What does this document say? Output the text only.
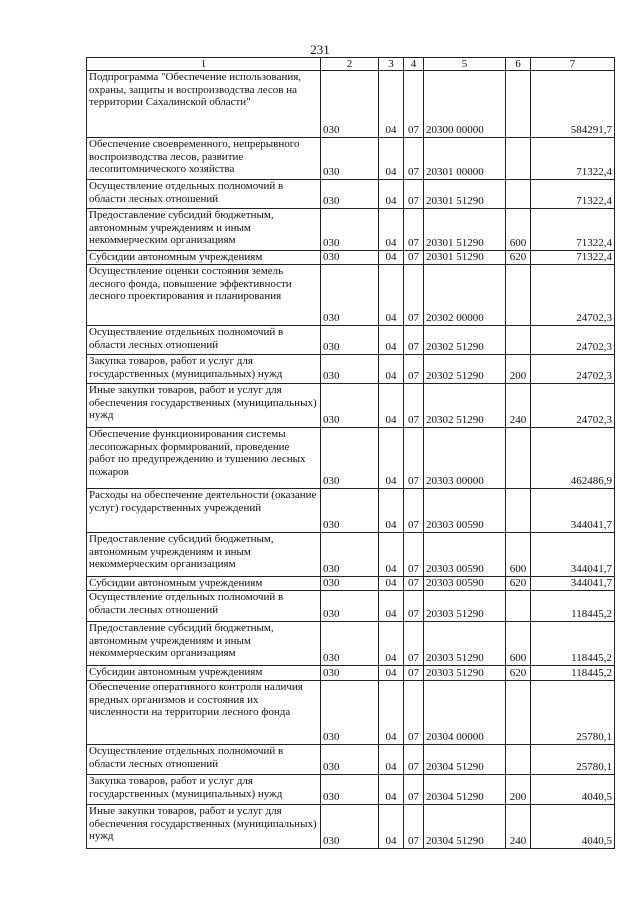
231
1	2	3	4	5	6	7
Подпрограмма "Обеспечение использования, охраны, защиты и воспроизводства лесов на территории Сахалинской области"	030	04	07	20300 00000		584291,7
Обеспечение своевременного, непрерывного воспроизводства лесов, развитие лесопитомнического хозяйства	030	04	07	20301 00000		71322,4
Осуществление отдельных полномочий в области лесных отношений	030	04	07	20301 51290		71322,4
Предоставление субсидий бюджетным, автономным учреждениям и иным некоммерческим организациям	030	04	07	20301 51290	600	71322,4
Субсидии автономным учреждениям	030	04	07	20301 51290	620	71322,4
Осуществление оценки состояния земель лесного фонда, повышение эффективности лесного проектирования и планирования	030	04	07	20302 00000		24702,3
Осуществление отдельных полномочий в области лесных отношений	030	04	07	20302 51290		24702,3
Закупка товаров, работ и услуг для государственных (муниципальных) нужд	030	04	07	20302 51290	200	24702,3
Иные закупки товаров, работ и услуг для обеспечения государственных (муниципальных) нужд	030	04	07	20302 51290	240	24702,3
Обеспечение функционирования системы лесопожарных формирований, проведение работ по предупреждению и тушению лесных пожаров	030	04	07	20303 00000		462486,9
Расходы на обеспечение деятельности (оказание услуг) государственных учреждений	030	04	07	20303 00590		344041,7
Предоставление субсидий бюджетным, автономным учреждениям и иным некоммерческим организациям	030	04	07	20303 00590	600	344041,7
Субсидии автономным учреждениям	030	04	07	20303 00590	620	344041,7
Осуществление отдельных полномочий в области лесных отношений	030	04	07	20303 51290		118445,2
Предоставление субсидий бюджетным, автономным учреждениям и иным некоммерческим организациям	030	04	07	20303 51290	600	118445,2
Субсидии автономным учреждениям	030	04	07	20303 51290	620	118445,2
Обеспечение оперативного контроля наличия вредных организмов и состояния их численности на территории лесного фонда	030	04	07	20304 00000		25780,1
Осуществление отдельных полномочий в области лесных отношений	030	04	07	20304 51290		25780,1
Закупка товаров, работ и услуг для государственных (муниципальных) нужд	030	04	07	20304 51290	200	4040,5
Иные закупки товаров, работ и услуг для обеспечения государственных (муниципальных) нужд	030	04	07	20304 51290	240	4040,5
